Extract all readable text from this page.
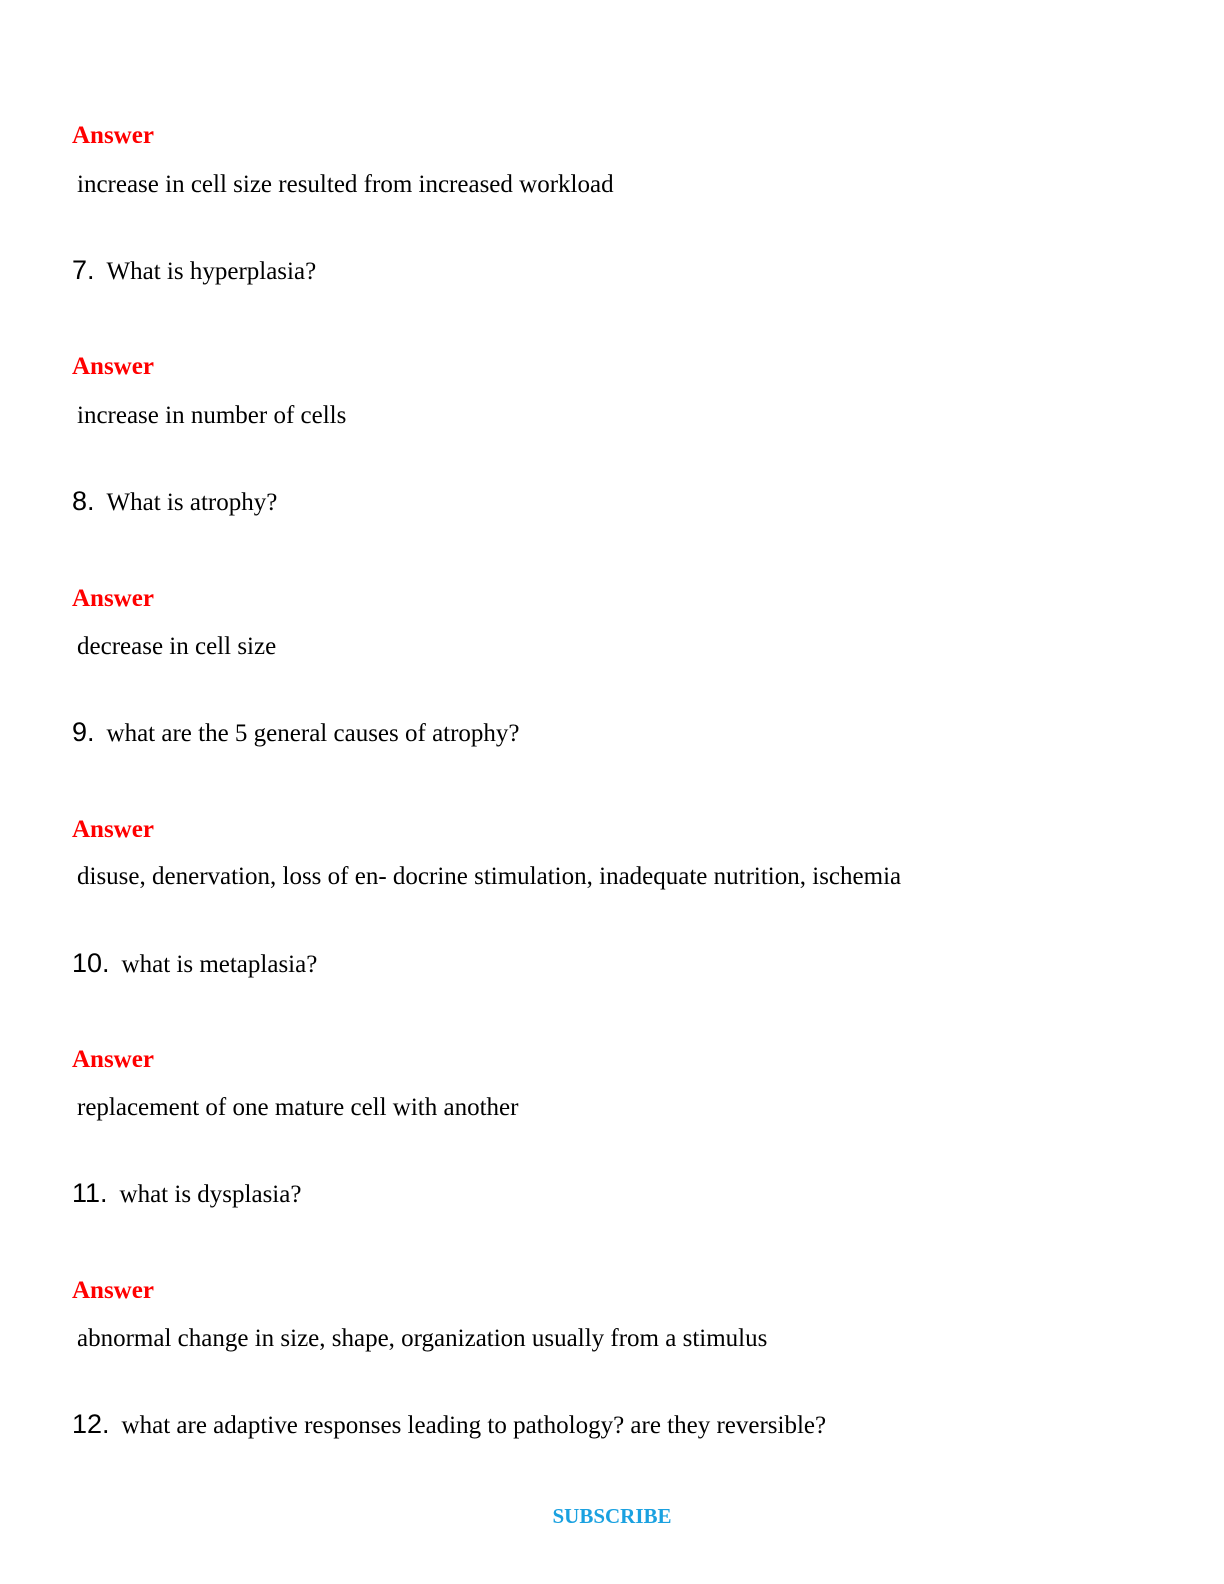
Answer
increase in cell size resulted from increased workload
7. What is hyperplasia?
Answer
increase in number of cells
8. What is atrophy?
Answer
decrease in cell size
9. what are the 5 general causes of atrophy?
Answer
disuse, denervation, loss of en- docrine stimulation, inadequate nutrition, ischemia
10. what is metaplasia?
Answer
replacement of one mature cell with another
11. what is dysplasia?
Answer
abnormal change in size, shape, organization usually from a stimulus
12. what are adaptive responses leading to pathology? are they reversible?
SUBSCRIBE
